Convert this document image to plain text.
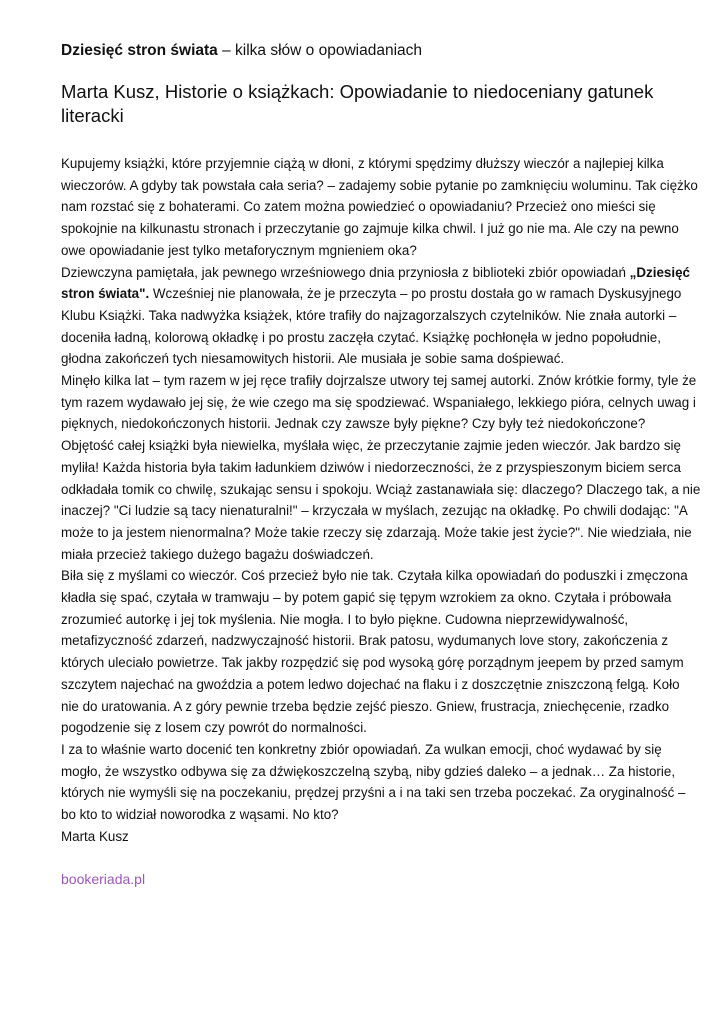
Dziesięć stron świata – kilka słów o opowiadaniach

Marta Kusz, Historie o książkach: Opowiadanie to niedoceniany gatunek literacki

Kupujemy książki, które przyjemnie ciążą w dłoni, z którymi spędzimy dłuższy wieczór a najlepiej kilka wieczorów. A gdyby tak powstała cała seria? – zadajemy sobie pytanie po zamknięciu woluminu. Tak ciężko nam rozstać się z bohaterami. Co zatem można powiedzieć o opowiadaniu? Przecież ono mieści się spokojnie na kilkunastu stronach i przeczytanie go zajmuje kilka chwil. I już go nie ma. Ale czy na pewno owe opowiadanie jest tylko metaforycznym mgnieniem oka?

Dziewczyna pamiętała, jak pewnego wrześniowego dnia przyniosła z biblioteki zbiór opowiadań „Dziesięć stron świata". Wcześniej nie planowała, że je przeczyta – po prostu dostała go w ramach Dyskusyjnego Klubu Książki. Taka nadwyżka książek, które trafiły do najzagorzalszych czytelników. Nie znała autorki – doceniła ładną, kolorową okładkę i po prostu zaczęła czytać. Książkę pochłonęła w jedno popołudnie, głodna zakończeń tych niesamowitych historii. Ale musiała je sobie sama dośpiewać.

Minęło kilka lat – tym razem w jej ręce trafiły dojrzalsze utwory tej samej autorki. Znów krótkie formy, tyle że tym razem wydawało jej się, że wie czego ma się spodziewać. Wspaniałego, lekkiego pióra, celnych uwag i pięknych, niedokończonych historii. Jednak czy zawsze były piękne? Czy były też niedokończone? Objętość całej książki była niewielka, myślała więc, że przeczytanie zajmie jeden wieczór. Jak bardzo się myliła! Każda historia była takim ładunkiem dziwów i niedorzeczności, że z przyspieszonym biciem serca odkładała tomik co chwilę, szukając sensu i spokoju. Wciąż zastanawiała się: dlaczego? Dlaczego tak, a nie inaczej? "Ci ludzie są tacy nienaturalni!" – krzyczała w myślach, zezując na okładkę. Po chwili dodając: "A może to ja jestem nienormalna? Może takie rzeczy się zdarzają. Może takie jest życie?". Nie wiedziała, nie miała przecież takiego dużego bagażu doświadczeń.

Biła się z myślami co wieczór. Coś przecież było nie tak. Czytała kilka opowiadań do poduszki i zmęczona kładła się spać, czytała w tramwaju – by potem gapić się tępym wzrokiem za okno. Czytała i próbowała zrozumieć autorkę i jej tok myślenia. Nie mogła. I to było piękne. Cudowna nieprzewidywalność, metafizyczność zdarzeń, nadzwyczajność historii. Brak patosu, wydumanych love story, zakończenia z których uleciało powietrze. Tak jakby rozpędzić się pod wysoką górę porządnym jeepem by przed samym szczytem najechać na gwoździa a potem ledwo dojechać na flaku i z doszczętnie zniszczoną felgą. Koło nie do uratowania. A z góry pewnie trzeba będzie zejść pieszo. Gniew, frustracja, zniechęcenie, rzadko pogodzenie się z losem czy powrót do normalności.

I za to właśnie warto docenić ten konkretny zbiór opowiadań. Za wulkan emocji, choć wydawać by się mogło, że wszystko odbywa się za dźwiękoszczelną szybą, niby gdzieś daleko – a jednak… Za historie, których nie wymyśli się na poczekaniu, prędzej przyśni a i na taki sen trzeba poczekać. Za oryginalność – bo kto to widział noworodka z wąsami. No kto?

Marta Kusz

bookeriada.pl
